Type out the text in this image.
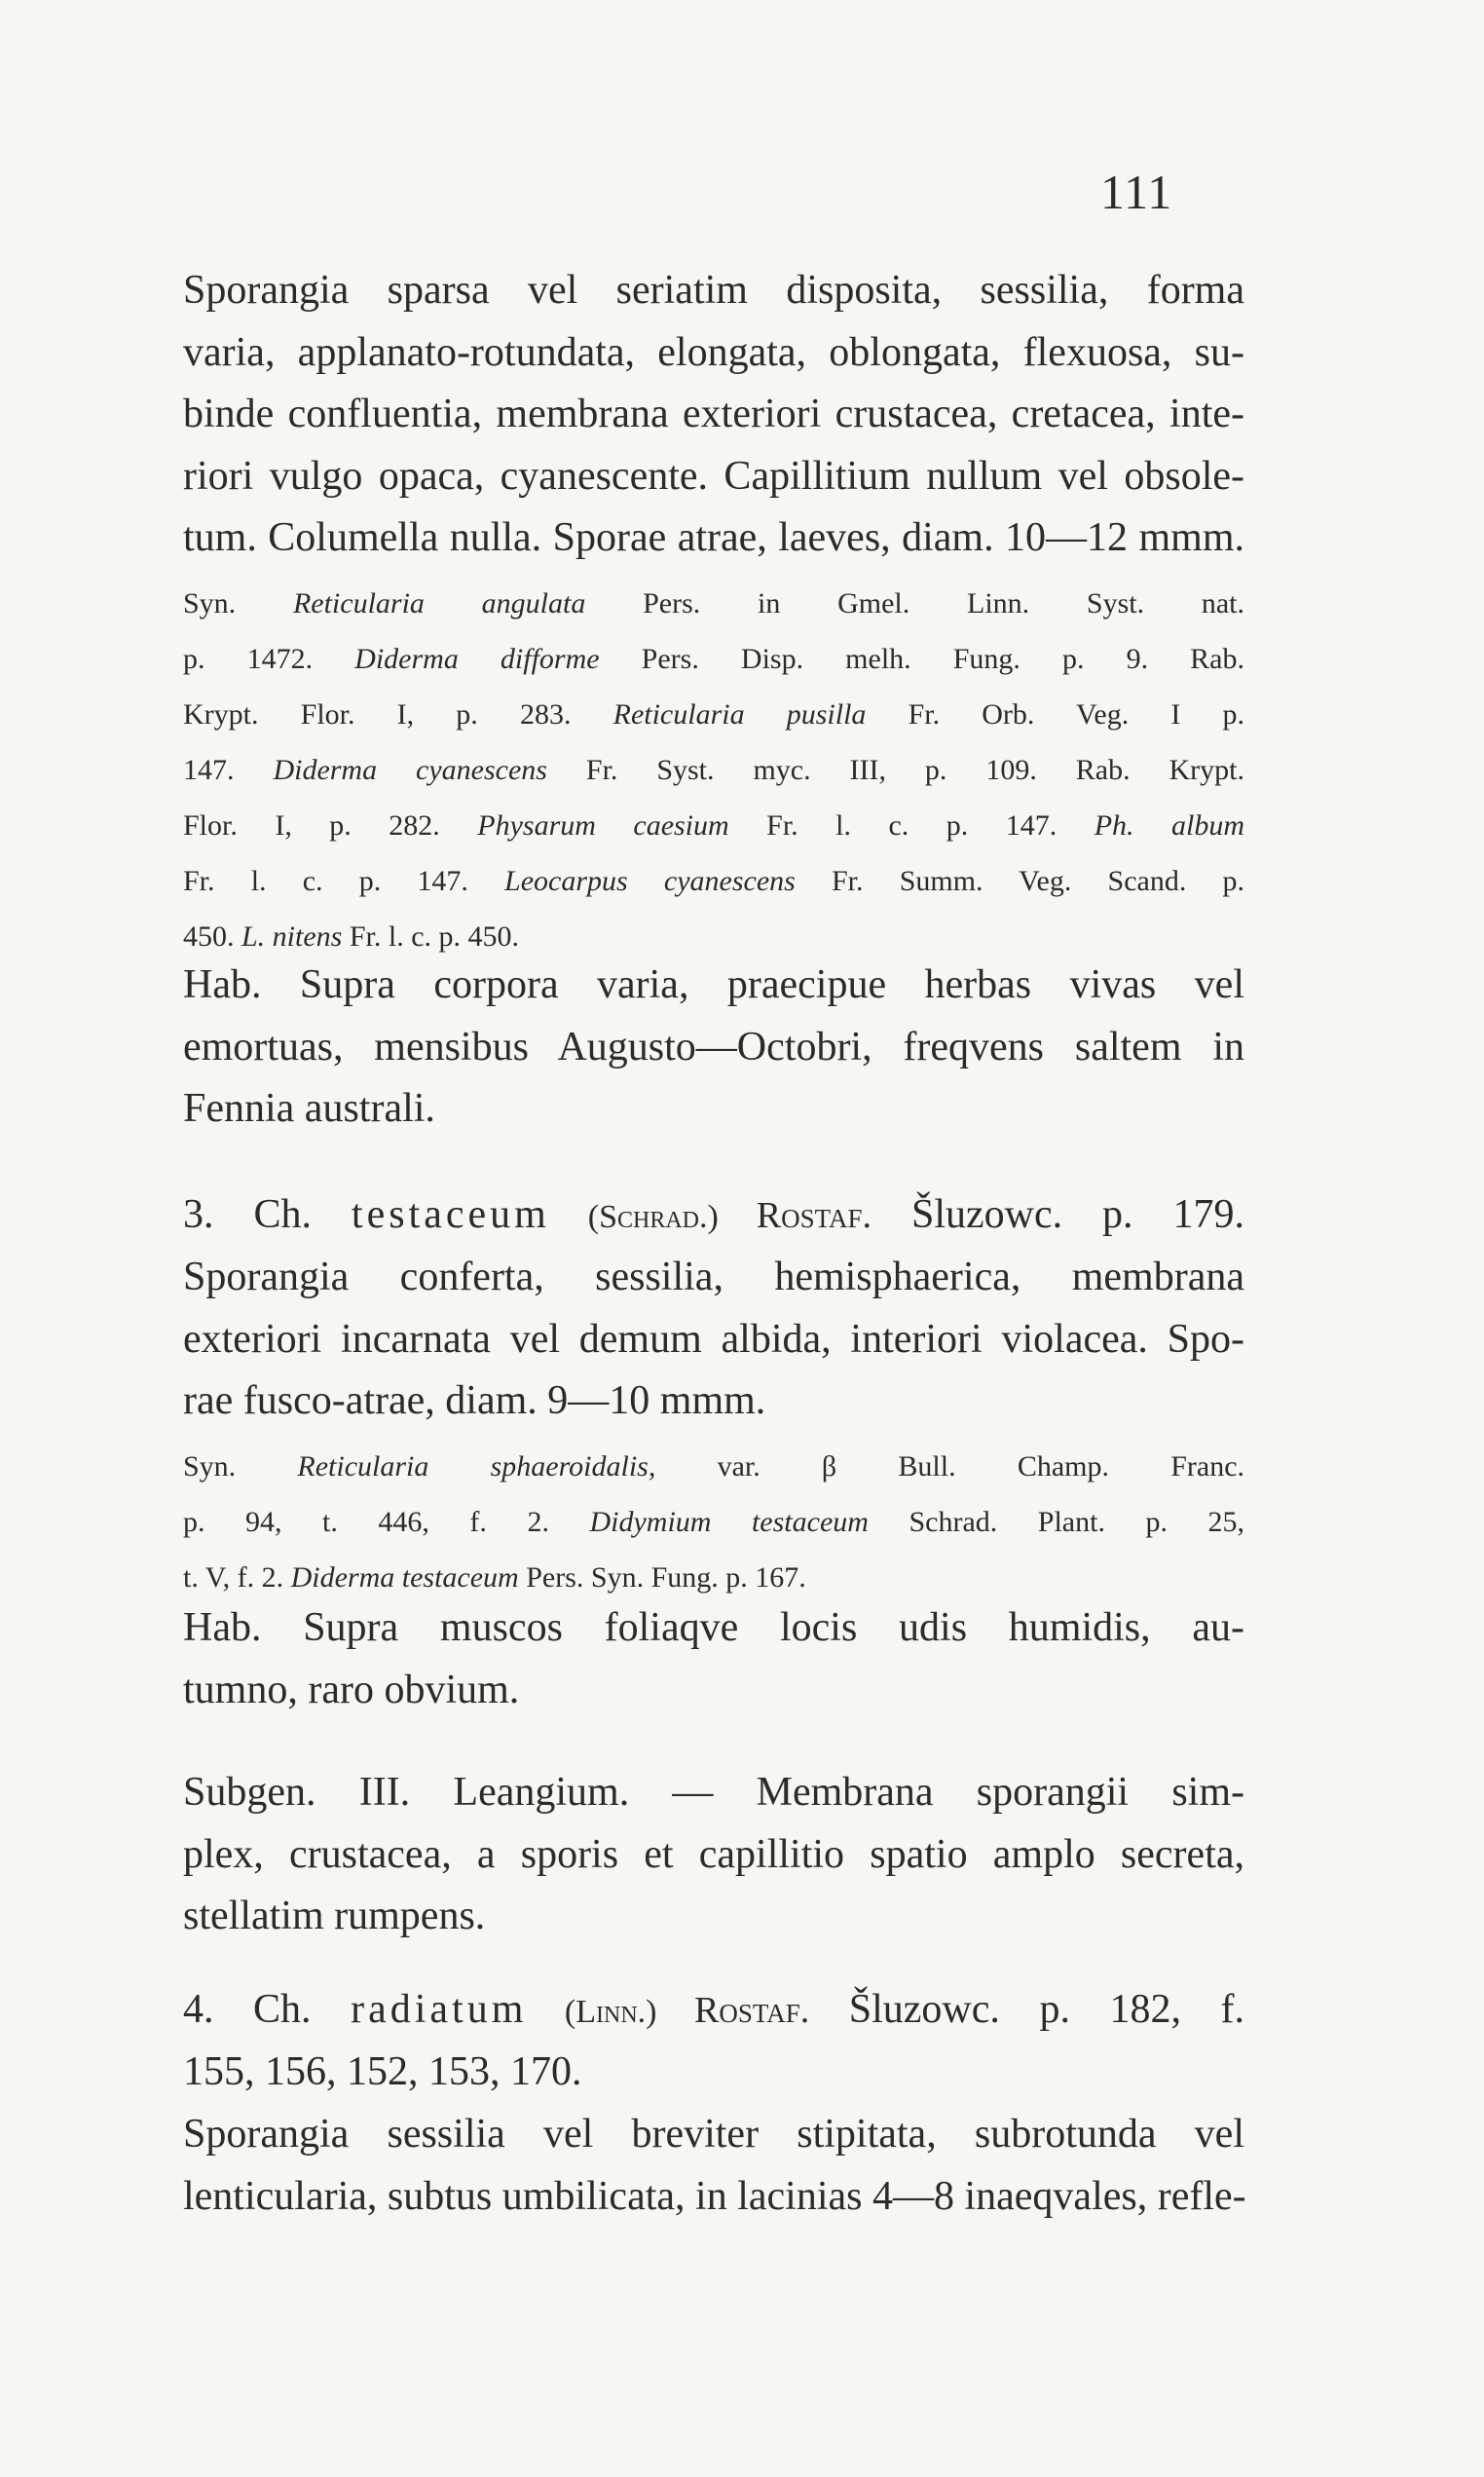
111
Sporangia sparsa vel seriatim disposita, sessilia, forma
varia, applanato-rotundata, elongata, oblongata, flexuosa, su-
binde confluentia, membrana exteriori crustacea, cretacea, inte-
riori vulgo opaca, cyanescente. Capillitium nullum vel obsole-
tum. Columella nulla. Sporae atrae, laeves, diam. 10—12 mmm.
Syn. Reticularia angulata Pers. in Gmel. Linn. Syst. nat.
p. 1472. Diderma difforme Pers. Disp. melh. Fung. p. 9. Rab.
Krypt. Flor. I, p. 283. Reticularia pusilla Fr. Orb. Veg. I p.
147. Diderma cyanescens Fr. Syst. myc. III, p. 109. Rab. Krypt.
Flor. I, p. 282. Physarum caesium Fr. l. c. p. 147. Ph. album
Fr. l. c. p. 147. Leocarpus cyanescens Fr. Summ. Veg. Scand. p.
450. L. nitens Fr. l. c. p. 450.
Hab. Supra corpora varia, praecipue herbas vivas vel
emortuas, mensibus Augusto—Octobri, freqvens saltem in
Fennia australi.
3. Ch. testaceum (Schrad.) Rostaf. Šluzowc. p. 179.
Sporangia conferta, sessilia, hemisphaerica, membrana
exteriori incarnata vel demum albida, interiori violacea. Spo-
rae fusco-atrae, diam. 9—10 mmm.
Syn. Reticularia sphaeroidalis, var. β Bull. Champ. Franc.
p. 94, t. 446, f. 2. Didymium testaceum Schrad. Plant. p. 25,
t. V, f. 2. Diderma testaceum Pers. Syn. Fung. p. 167.
Hab. Supra muscos foliaqve locis udis humidis, au-
tumno, raro obvium.
Subgen. III. Leangium. — Membrana sporangii sim-
plex, crustacea, a sporis et capillitio spatio amplo secreta,
stellatim rumpens.
4. Ch. radiatum (Linn.) Rostaf. Šluzowc. p. 182, f.
155, 156, 152, 153, 170.
Sporangia sessilia vel breviter stipitata, subrotunda vel
lenticularia, subtus umbilicata, in lacinias 4—8 inaeqvales, refle-
